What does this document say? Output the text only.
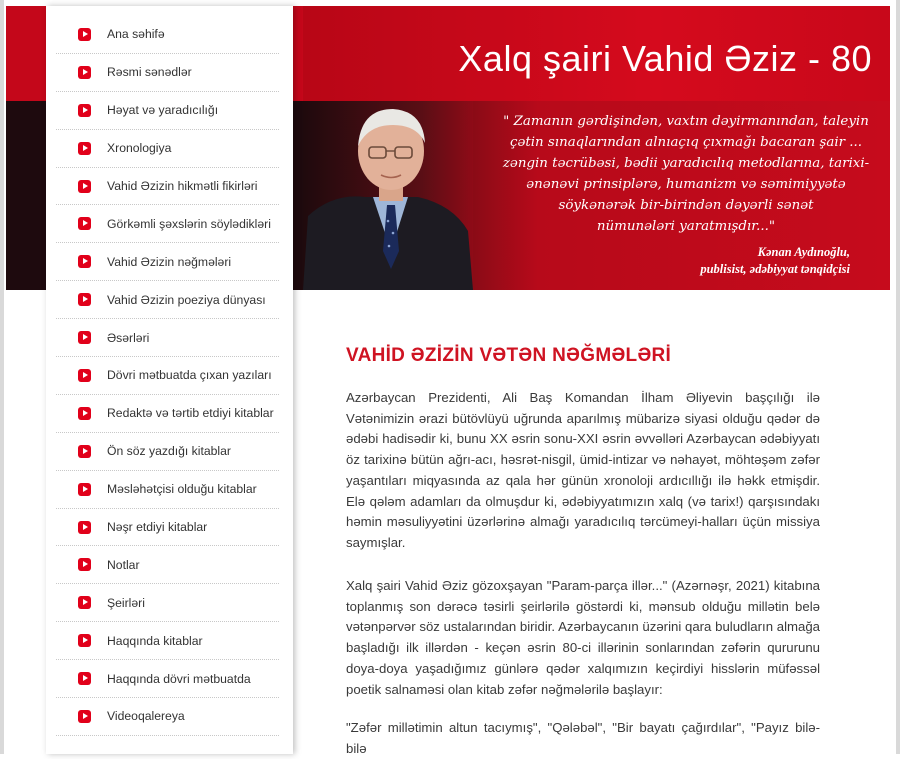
Xalq şairi Vahid Əziz - 80
" Zamanın gərdişindən, vaxtın dəyirmanından, taleyin
çətin sınaqlarından alnıaçıq çıxmağı bacaran şair ...
zəngin təcrübəsi, bədii yaradıcılıq metodlarına, tarixi-
ənənəvi prinsiplərə, humanizm və səmimiyyətə
söykənərək bir-birindən dəyərli sənət
nümunələri yaratmışdır..."
Kənan Aydınoğlu,
publisist, ədəbiyyat tənqidçisi
Ana səhifə
Rəsmi sənədlər
Həyat və yaradıcılığı
Xronologiya
Vahid Əzizin hikmətli fikirləri
Görkəmli şəxslərin söylədikləri
Vahid Əzizin nəğmələri
Vahid Əzizin poeziya dünyası
Əsərləri
Dövri mətbuatda çıxan yazıları
Redaktə və tərtib etdiyi kitablar
Ön söz yazdığı kitablar
Məsləhətçisi olduğu kitablar
Nəşr etdiyi kitablar
Notlar
Şeirləri
Haqqında kitablar
Haqqında dövri mətbuatda
Videoqalereya
VAHİD ƏZİZİN VƏTƏN NƏĞMƏLƏRİ

Azərbaycan Prezidenti, Ali Baş Komandan İlham Əliyevin başçılığı ilə Vətənimizin ərazi bütövlüyü uğrunda aparılmış mübarizə siyasi olduğu qədər də ədəbi hadisədir ki, bunu XX əsrin sonu-XXI əsrin əvvəlləri Azərbaycan ədəbiyyatı öz tarixinə bütün ağrı-acı, həsrət-nisgil, ümid-intizar və nəhayət, möhtəşəm zəfər yaşantıları miqyasında az qala hər günün xronoloji ardıcıllığı ilə həkk etmişdir. Elə qələm adamları da olmuşdur ki, ədəbiyyatımızın xalq (və tarix!) qarşısındakı həmin məsuliyyətini üzərlərinə almağı yaradıcılıq tərcümeyi-halları üçün missiya saymışlar.

Xalq şairi Vahid Əziz gözoxşayan "Param-parça illər..." (Azərnəşr, 2021) kitabına toplanmış son dərəcə təsirli şeirlərilə göstərdi ki, mənsub olduğu millətin belə vətənpərvər söz ustalarından biridir. Azərbaycanın üzərini qara buludların almağa başladığı ilk illərdən - keçən əsrin 80-ci illərinin sonlarından zəfərin qururunu doya-doya yaşadığımız günlərə qədər xalqımızın keçirdiyi hisslərin müfəssəl poetik salnaməsi olan kitab zəfər nəğmələrilə başlayır:

"Zəfər millətimin altun tacıymış", "Qələbəl", "Bir bayatı çağırdılar", "Payız bilə- bilə
